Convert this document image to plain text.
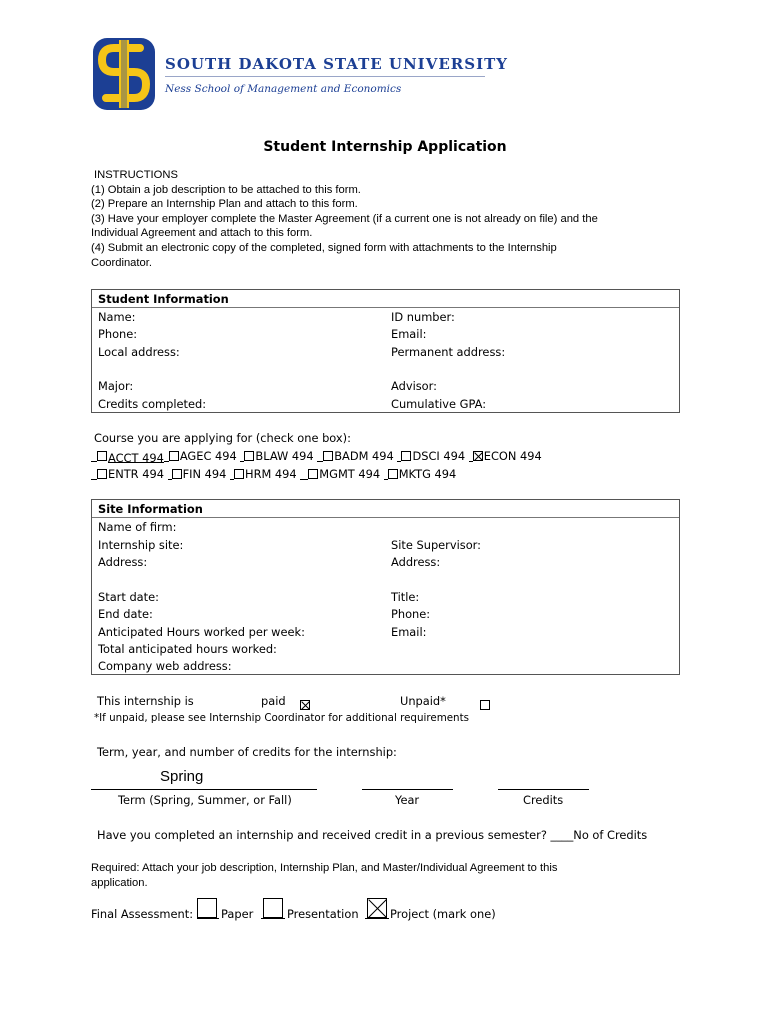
SOUTH DAKOTA STATE UNIVERSITY
Ness School of Management and Economics
Student Internship Application
INSTRUCTIONS
(1) Obtain a job description to be attached to this form.
(2) Prepare an Internship Plan and attach to this form.
(3) Have your employer complete the Master Agreement (if a current one is not already on file) and the
Individual Agreement and attach to this form.
(4) Submit an electronic copy of the completed, signed form with attachments to the Internship
Coordinator.
Student Information
Name:	ID number:
Phone:	Email:
Local address:	Permanent address:
Major:	Advisor:
Credits completed:	Cumulative GPA:
Course you are applying for (check one box):
ACCT 494 AGEC 494 BLAW 494 BADM 494 DSCI 494 ECON 494
ENTR 494 FIN 494 HRM 494 MGMT 494 MKTG 494
Site Information
Name of firm:
Internship site:	Site Supervisor:
Address:	Address:
Start date:	Title:
End date:	Phone:
Anticipated Hours worked per week:	Email:
Total anticipated hours worked:
Company web address:
This internship is	paid
	Unpaid*
*If unpaid, please see Internship Coordinator for additional requirements
Term, year, and number of credits for the internship:
Spring
Term (Spring, Summer, or Fall)	Year	Credits
Have you completed an internship and received credit in a previous semester? ____No of Credits
Required: Attach your job description, Internship Plan, and Master/Individual Agreement to this
application.
Final Assessment: Paper	Presentation	Project (mark one)
